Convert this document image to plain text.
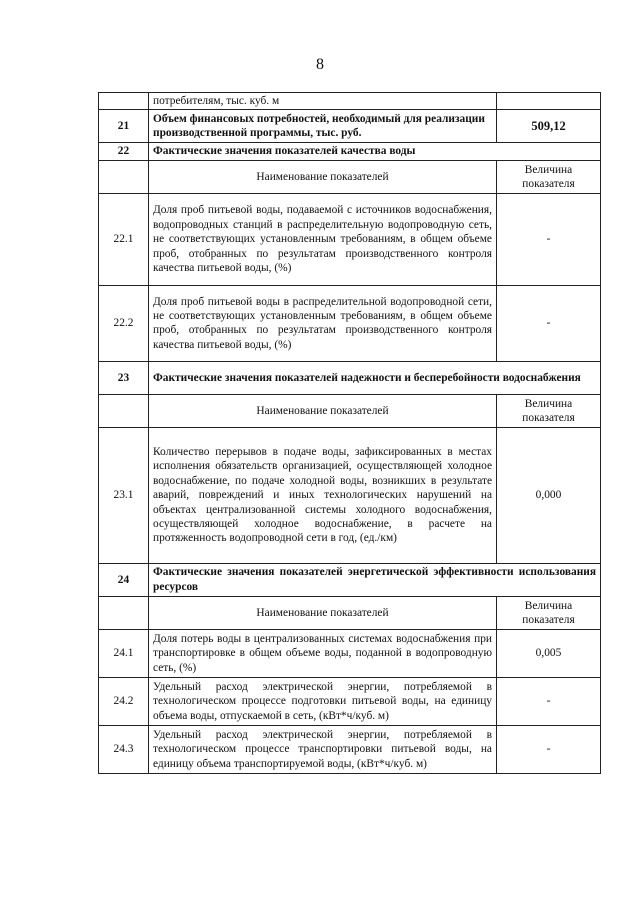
8
	потребителям, тыс. куб. м	
21	Объем финансовых потребностей, необходимый для реализации производственной программы, тыс. руб.	509,12
22	Фактические значения показателей качества воды	
	Наименование показателей	Величина показателя
22.1	Доля проб питьевой воды, подаваемой с источников водоснабжения, водопроводных станций в распределительную водопроводную сеть, не соответствующих установленным требованиям, в общем объеме проб, отобранных по результатам производственного контроля качества питьевой воды, (%)	-
22.2	Доля проб питьевой воды в распределительной водопроводной сети, не соответствующих установленным требованиям, в общем объеме проб, отобранных по результатам производственного контроля качества питьевой воды, (%)	-
23	Фактические значения показателей надежности и бесперебойности водоснабжения	
	Наименование показателей	Величина показателя
23.1	Количество перерывов в подаче воды, зафиксированных в местах исполнения обязательств организацией, осуществляющей холодное водоснабжение, по подаче холодной воды, возникших в результате аварий, повреждений и иных технологических нарушений на объектах централизованной системы холодного водоснабжения, осуществляющей холодное водоснабжение, в расчете на протяженность водопроводной сети в год, (ед./км)	0,000
24	Фактические значения показателей энергетической эффективности использования ресурсов	
	Наименование показателей	Величина показателя
24.1	Доля потерь воды в централизованных системах водоснабжения при транспортировке в общем объеме воды, поданной в водопроводную сеть, (%)	0,005
24.2	Удельный расход электрической энергии, потребляемой в технологическом процессе подготовки питьевой воды, на единицу объема воды, отпускаемой в сеть, (кВт*ч/куб. м)	-
24.3	Удельный расход электрической энергии, потребляемой в технологическом процессе транспортировки питьевой воды, на единицу объема транспортируемой воды, (кВт*ч/куб. м)	-
